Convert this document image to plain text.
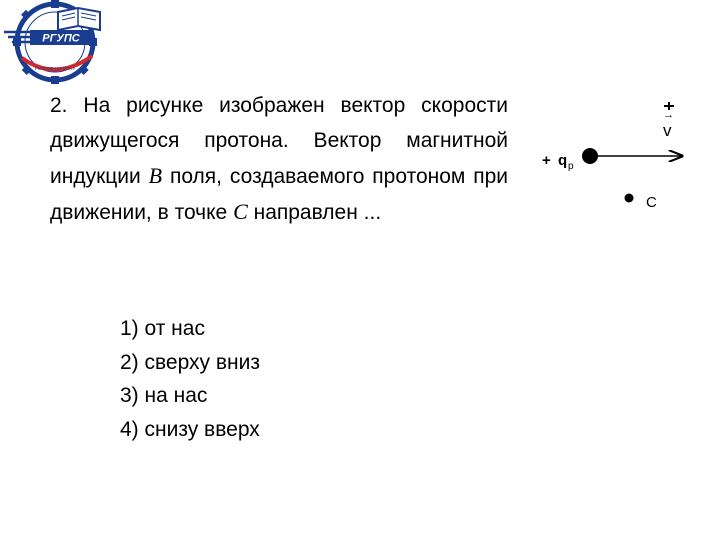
РГУПС
РОСТОВ-НА-ДОНУ

2. На рисунке изображен вектор скорости движущегося протона. Вектор магнитной индукции B поля, создаваемого протоном при движении, в точке C направлен ...

1) от нас
2) сверху вниз
3) на нас
4) снизу вверх
+ q p
→
v
C
